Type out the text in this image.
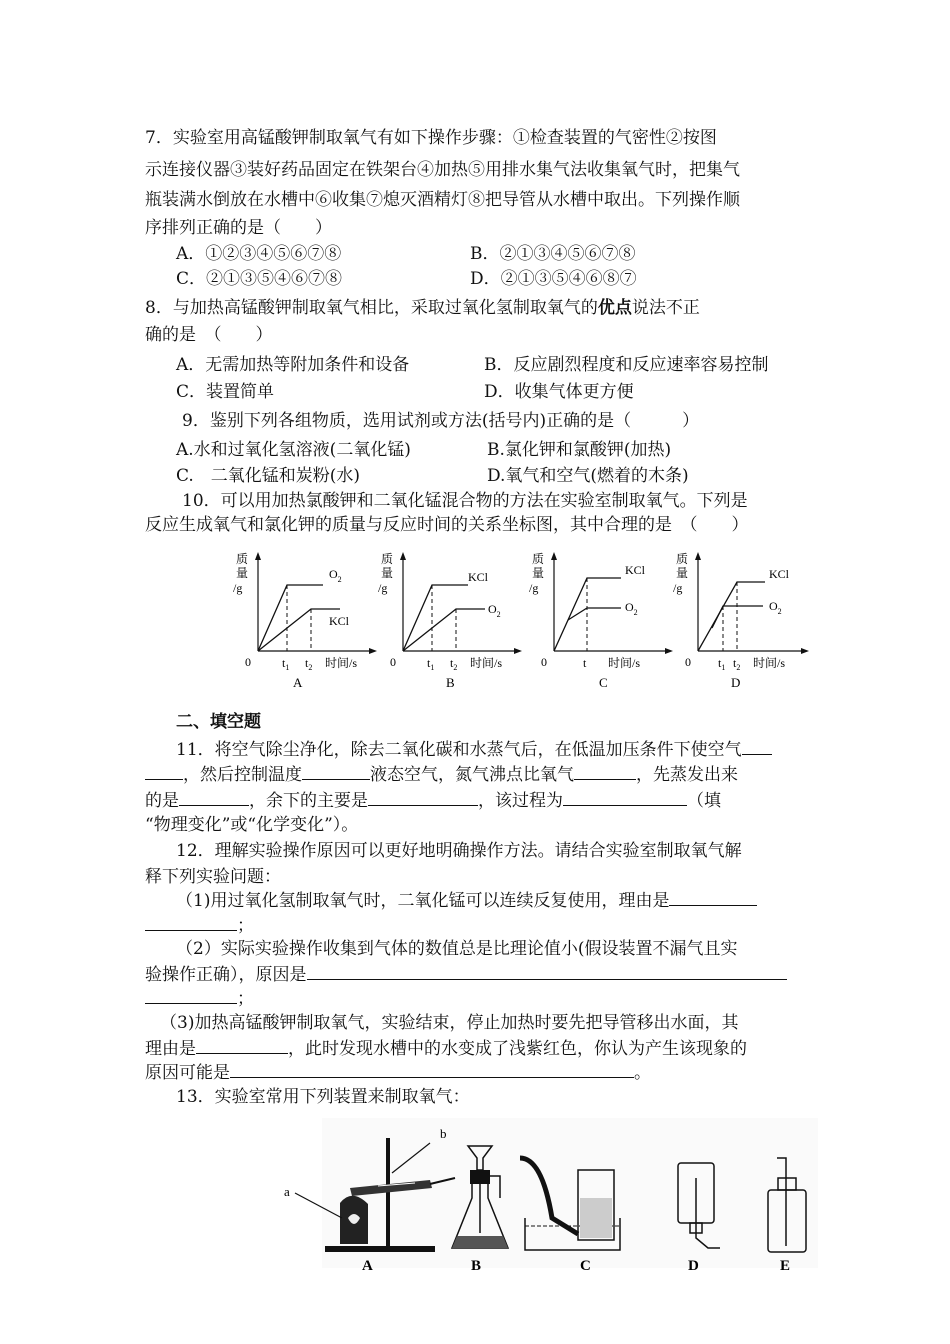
7．实验室用高锰酸钾制取氧气有如下操作步骤：①检查装置的气密性②按图
示连接仪器③装好药品固定在铁架台④加热⑤用排水集气法收集氧气时，把集气
瓶装满水倒放在水槽中⑥收集⑦熄灭酒精灯⑧把导管从水槽中取出。下列操作顺
序排列正确的是（　　）
A．①②③④⑤⑥⑦⑧	B．②①③④⑤⑥⑦⑧
C．②①③⑤④⑥⑦⑧	D．②①③⑤④⑥⑧⑦
8．与加热高锰酸钾制取氧气相比，采取过氧化氢制取氧气的优点说法不正
确的是　（　　）
A．无需加热等附加条件和设备	B．反应剧烈程度和反应速率容易控制
C．装置简单	D．收集气体更方便
9．鉴别下列各组物质，选用试剂或方法(括号内)正确的是（　　　）
A.水和过氧化氢溶液(二氧化锰)	B.氯化钾和氯酸钾(加热)
C.　二氧化锰和炭粉(水)	D.氧气和空气(燃着的木条)
10．可以用加热氯酸钾和二氧化锰混合物的方法在实验室制取氧气。下列是
反应生成氧气和氯化钾的质量与反应时间的关系坐标图，其中合理的是　（　　）
质
量
/g
$O_2$
KCl
0	$t_1$ $t_2$ 时间/s
A
质
量
/g
KCl
$O_2$
0	$t_1$ $t_2$ 时间/s
B
质
量
/g
KCl
$O_2$
0	t 时间/s
C
质
量
/g
KCl
$O_2$
0 $t_1$ $t_2$ 时间/s
D
二、填空题
11．将空气除尘净化，除去二氧化碳和水蒸气后，在低温加压条件下使空气
，然后控制温度	液态空气，氮气沸点比氧气	，先蒸发出来
的是	，余下的主要是	，该过程为	（填
“物理变化”或“化学变化”）。
12．理解实验操作原因可以更好地明确操作方法。请结合实验室制取氧气解
释下列实验问题：
（1)用过氧化氢制取氧气时，二氧化锰可以连续反复使用，理由是
；
（2）实际实验操作收集到气体的数值总是比理论值小(假设装置不漏气且实
验操作正确），原因是
；
（3)加热高锰酸钾制取氧气，实验结束，停止加热时要先把导管移出水面，其
理由是	，此时发现水槽中的水变成了浅紫红色，你认为产生该现象的
原因可能是	。
13．实验室常用下列装置来制取氧气：
a
b
A	B	C	D	E
